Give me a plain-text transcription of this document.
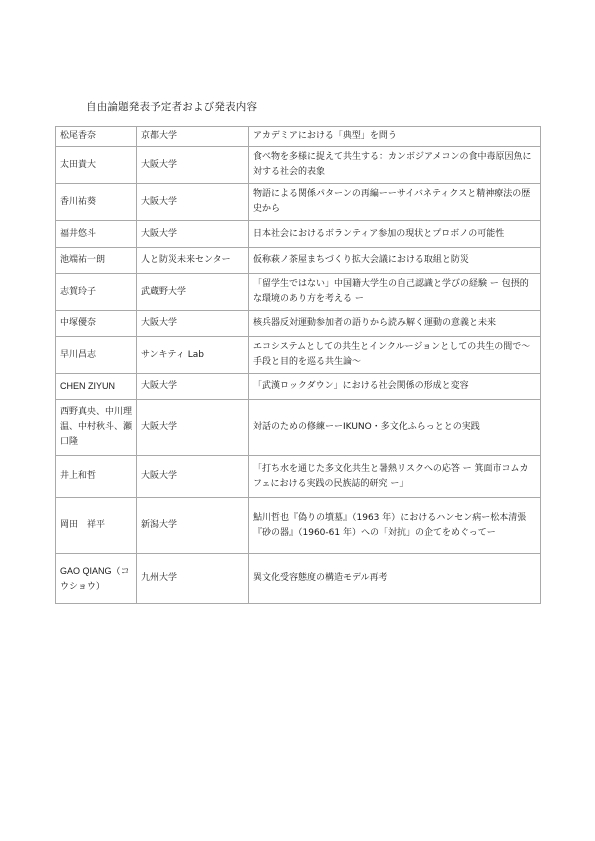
自由論題発表予定者および発表内容
松尾香奈	京都大学	アカデミアにおける「典型」を問う
太田貴大	大阪大学	食べ物を多様に捉えて共生する：カンボジアメコンの食中毒原因魚に対する社会的表象
香川祐葵	大阪大学	物語による関係パターンの再編ーーサイバネティクスと精神療法の歴史から
福井悠斗	大阪大学	日本社会におけるボランティア参加の現状とプロボノの可能性
池端祐一朗	人と防災未来センター	仮称萩ノ茶屋まちづくり拡大会議における取組と防災
志賀玲子	武蔵野大学	「留学生ではない」中国籍大学生の自己認識と学びの経験 ー 包摂的な環境のあり方を考える ー
中塚優奈	大阪大学	核兵器反対運動参加者の語りから読み解く運動の意義と未来
早川昌志	サンキティ Lab	エコシステムとしての共生とインクルージョンとしての共生の間で〜手段と目的を巡る共生論〜
CHEN ZIYUN	大阪大学	「武漢ロックダウン」における社会関係の形成と変容
西野真央、中川理温、中村秋斗、瀬口隆	大阪大学	対話のための修練ーーIKUNO・多文化ふらっととの実践
井上和哲	大阪大学	「打ち水を通じた多文化共生と暑熱リスクへの応答 ー 箕面市コムカフェにおける実践の民族誌的研究 ー」
岡田　祥平	新潟大学	鮎川哲也『偽りの墳墓』（1963 年）におけるハンセン病ー松本清張『砂の器』（1960-61 年）への「対抗」の企てをめぐってー
GAO QIANG（コウショウ）	九州大学	異文化受容態度の構造モデル再考
